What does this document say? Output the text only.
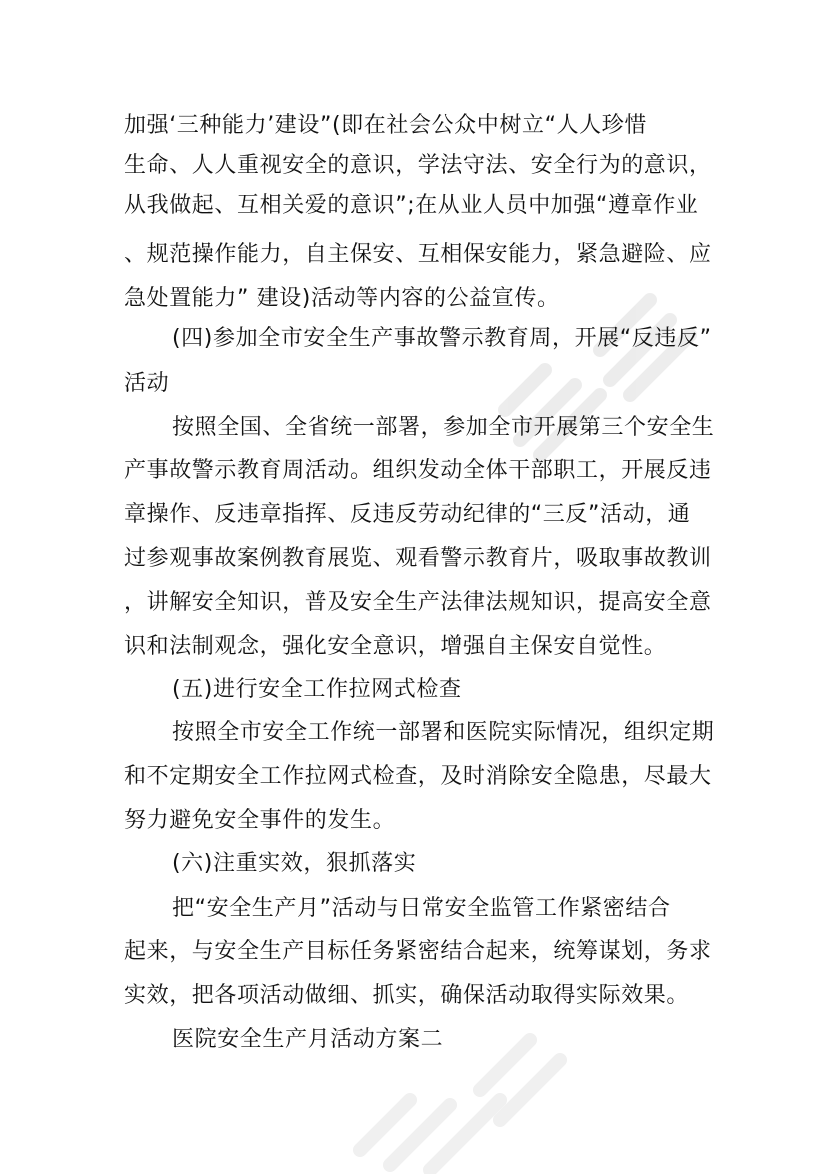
加强‘三种能力’建设”(即在社会公众中树立“人人珍惜
生命、人人重视安全的意识，学法守法、安全行为的意识，
从我做起、互相关爱的意识”;在从业人员中加强“遵章作业
、规范操作能力，自主保安、互相保安能力，紧急避险、应
急处置能力” 建设)活动等内容的公益宣传。
(四)参加全市安全生产事故警示教育周，开展“反违反”
活动
按照全国、全省统一部署，参加全市开展第三个安全生
产事故警示教育周活动。组织发动全体干部职工，开展反违
章操作、反违章指挥、反违反劳动纪律的“三反”活动，通
过参观事故案例教育展览、观看警示教育片，吸取事故教训
，讲解安全知识，普及安全生产法律法规知识，提高安全意
识和法制观念，强化安全意识，增强自主保安自觉性。
(五)进行安全工作拉网式检查
按照全市安全工作统一部署和医院实际情况，组织定期
和不定期安全工作拉网式检查，及时消除安全隐患，尽最大
努力避免安全事件的发生。
(六)注重实效，狠抓落实
把“安全生产月”活动与日常安全监管工作紧密结合
起来，与安全生产目标任务紧密结合起来，统筹谋划，务求
实效，把各项活动做细、抓实，确保活动取得实际效果。
医院安全生产月活动方案二
